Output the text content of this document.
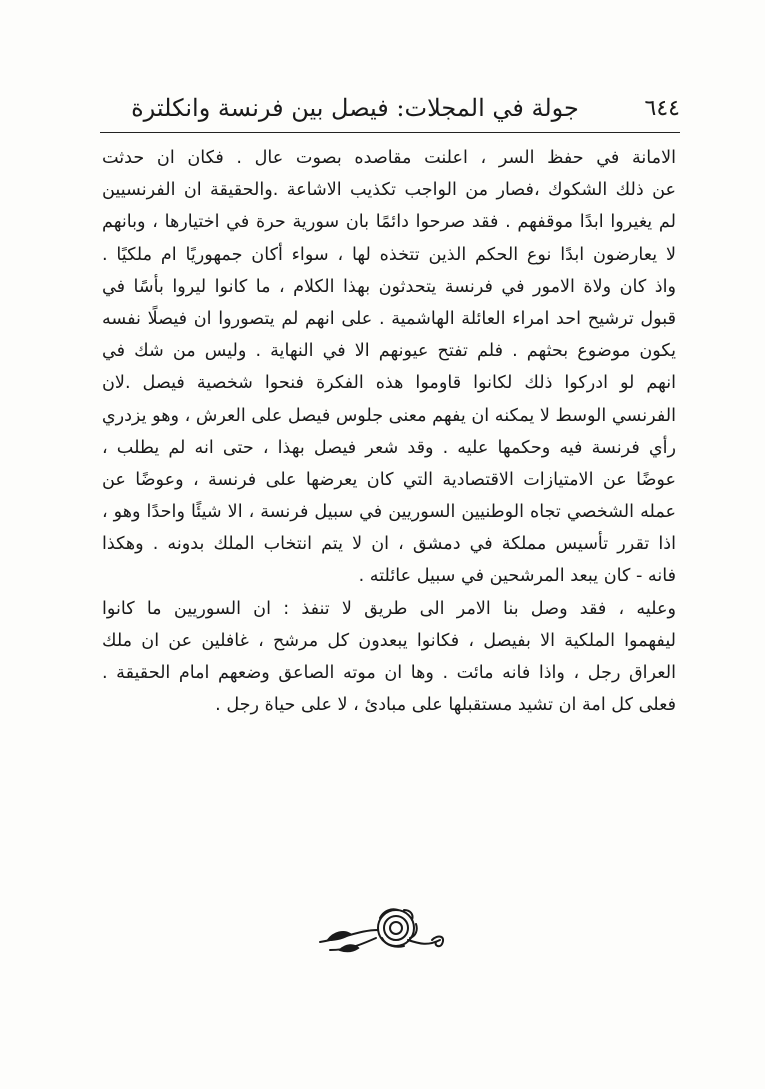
٦٤٤
جولة في المجلات: فيصل بين فرنسة وانكلترة
الامانة في حفظ السر ، اعلنت مقاصده بصوت عال . فكان ان حدثت
عن ذلك الشكوك ،فصار من الواجب تكذيب الاشاعة .والحقيقة ان الفرنسيين
لم يغيروا ابدًا موقفهم . فقد صرحوا دائمًا بان سورية حرة في اختيارها ، وبانهم
لا يعارضون ابدًا نوع الحكم الذين تتخذه لها ، سواء أكان جمهوريًا ام ملكيًا .
واذ كان ولاة الامور في فرنسة يتحدثون بهذا الكلام ، ما كانوا ليروا بأسًا في
قبول ترشيح احد امراء العائلة الهاشمية . على انهم لم يتصوروا ان فيصلًا نفسه
يكون موضوع بحثهم . فلم تفتح عيونهم الا في النهاية . وليس من شك في
انهم لو ادركوا ذلك لكانوا قاوموا هذه الفكرة فنحوا شخصية فيصل .لان
الفرنسي الوسط لا يمكنه ان يفهم معنى جلوس فيصل على العرش ، وهو يزدري
رأي فرنسة فيه وحكمها عليه . وقد شعر فيصل بهذا ، حتى انه لم يطلب ،
عوضًا عن الامتيازات الاقتصادية التي كان يعرضها على فرنسة ، وعوضًا عن
عمله الشخصي تجاه الوطنيين السوريين في سبيل فرنسة ، الا شيئًا واحدًا وهو ،
اذا تقرر تأسيس مملكة في دمشق ، ان لا يتم انتخاب الملك بدونه . وهكذا
فانه - كان يبعد المرشحين في سبيل عائلته .
وعليه ، فقد وصل بنا الامر الى طريق لا تنفذ : ان السوريين ما كانوا
ليفهموا الملكية الا بفيصل ، فكانوا يبعدون كل مرشح ، غافلين عن ان ملك
العراق رجل ، واذا فانه مائت . وها ان موته الصاعق وضعهم امام الحقيقة .
فعلى كل امة ان تشيد مستقبلها على مبادئ ، لا على حياة رجل .
